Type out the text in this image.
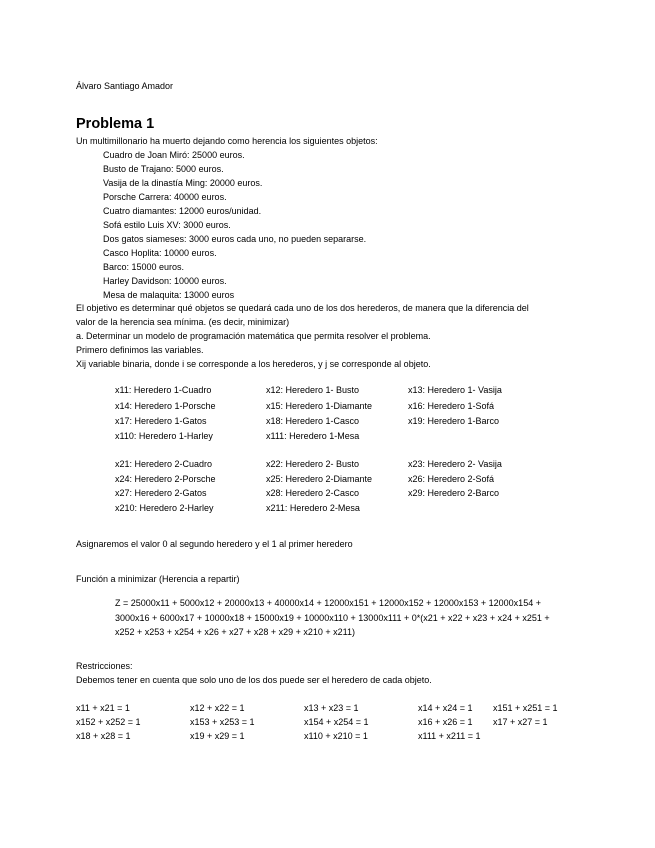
Álvaro Santiago Amador
Problema 1
Un multimillonario ha muerto dejando como herencia los siguientes objetos:
Cuadro de Joan Miró: 25000 euros.
Busto de Trajano: 5000 euros.
Vasija de la dinastía Ming: 20000 euros.
Porsche Carrera: 40000 euros.
Cuatro diamantes: 12000 euros/unidad.
Sofá estilo Luis XV: 3000 euros.
Dos gatos siameses: 3000 euros cada uno, no pueden separarse.
Casco Hoplita: 10000 euros.
Barco: 15000 euros.
Harley Davidson: 10000 euros.
Mesa de malaquita: 13000 euros
El objetivo es determinar qué objetos se quedará cada uno de los dos herederos, de manera que la diferencia del
valor de la herencia sea mínima. (es decir, minimizar)
a. Determinar un modelo de programación matemática que permita resolver el problema.
Primero definimos las variables.
Xij variable binaria, donde i se corresponde a los herederos, y j se corresponde al objeto.
x11: Heredero 1-Cuadro	x12: Heredero 1- Busto	x13: Heredero 1- Vasija
x14: Heredero 1-Porsche	x15: Heredero 1-Diamante	x16: Heredero 1-Sofá
x17: Heredero 1-Gatos	x18: Heredero 1-Casco	x19: Heredero 1-Barco
x110: Heredero 1-Harley	x111: Heredero 1-Mesa
x21: Heredero 2-Cuadro	x22: Heredero 2- Busto	x23: Heredero 2- Vasija
x24: Heredero 2-Porsche	x25: Heredero 2-Diamante	x26: Heredero 2-Sofá
x27: Heredero 2-Gatos	x28: Heredero 2-Casco	x29: Heredero 2-Barco
x210: Heredero 2-Harley	x211: Heredero 2-Mesa
Asignaremos el valor 0 al segundo heredero y el 1 al primer heredero
Función a minimizar (Herencia a repartir)
Z = 25000x11 + 5000x12 + 20000x13 + 40000x14 + 12000x151 + 12000x152 + 12000x153 + 12000x154 +
3000x16 + 6000x17 + 10000x18 + 15000x19 + 10000x110 + 13000x111 + 0*(x21 + x22 + x23 + x24 + x251 +
x252 + x253 + x254 + x26 + x27 + x28 + x29 + x210 + x211)
Restricciones:
Debemos tener en cuenta que solo uno de los dos puede ser el heredero de cada objeto.
x11 + x21 = 1	x12 + x22 = 1	x13 + x23 = 1	x14 + x24 = 1 x151 + x251 = 1
x152 + x252 = 1	x153 + x253 = 1	x154 + x254 = 1	x16 + x26 = 1 x17 + x27 = 1
x18 + x28 = 1	x19 + x29 = 1	x110 + x210 = 1	x111 + x211 = 1
